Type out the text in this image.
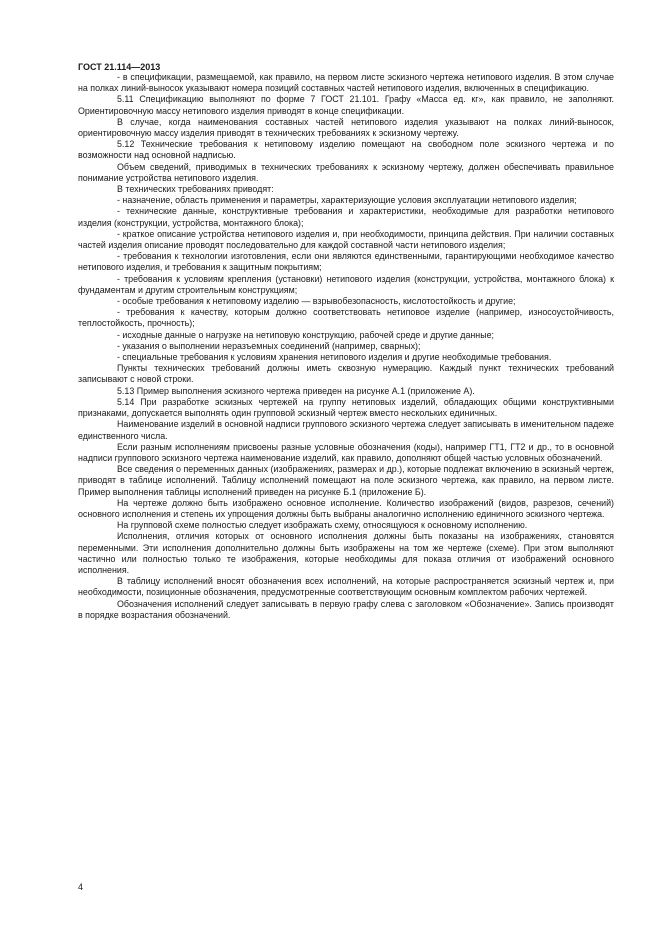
ГОСТ 21.114—2013

- в спецификации, размещаемой, как правило, на первом листе эскизного чертежа нетипового изделия. В этом случае на полках линий-выносок указывают номера позиций составных частей нетипового изделия, включенных в спецификацию.

5.11 Спецификацию выполняют по форме 7 ГОСТ 21.101. Графу «Масса ед. кг», как правило, не заполняют. Ориентировочную массу нетипового изделия приводят в конце спецификации.

В случае, когда наименования составных частей нетипового изделия указывают на полках линий-выносок, ориентировочную массу изделия приводят в технических требованиях к эскизному чертежу.

5.12 Технические требования к нетиповому изделию помещают на свободном поле эскизного чертежа и по возможности над основной надписью.

Объем сведений, приводимых в технических требованиях к эскизному чертежу, должен обеспечивать правильное понимание устройства нетипового изделия.

В технических требованиях приводят:

- назначение, область применения и параметры, характеризующие условия эксплуатации нетипового изделия;

- технические данные, конструктивные требования и характеристики, необходимые для разработки нетипового изделия (конструкции, устройства, монтажного блока);

- краткое описание устройства нетипового изделия и, при необходимости, принципа действия. При наличии составных частей изделия описание проводят последовательно для каждой составной части нетипового изделия;

- требования к технологии изготовления, если они являются единственными, гарантирующими необходимое качество нетипового изделия, и требования к защитным покрытиям;

- требования к условиям крепления (установки) нетипового изделия (конструкции, устройства, монтажного блока) к фундаментам и другим строительным конструкциям;

- особые требования к нетиповому изделию — взрывобезопасность, кислотостойкость и другие;

- требования к качеству, которым должно соответствовать нетиповое изделие (например, износоустойчивость, теплостойкость, прочность);

- исходные данные о нагрузке на нетиповую конструкцию, рабочей среде и другие данные;

- указания о выполнении неразъемных соединений (например, сварных);

- специальные требования к условиям хранения нетипового изделия и другие необходимые требования.

Пункты технических требований должны иметь сквозную нумерацию. Каждый пункт технических требований записывают с новой строки.

5.13 Пример выполнения эскизного чертежа приведен на рисунке А.1 (приложение А).

5.14 При разработке эскизных чертежей на группу нетиповых изделий, обладающих общими конструктивными признаками, допускается выполнять один групповой эскизный чертеж вместо нескольких единичных.

Наименование изделий в основной надписи группового эскизного чертежа следует записывать в именительном падеже единственного числа.

Если разным исполнениям присвоены разные условные обозначения (коды), например ГТ1, ГТ2 и др., то в основной надписи группового эскизного чертежа наименование изделий, как правило, дополняют общей частью условных обозначений.

Все сведения о переменных данных (изображениях, размерах и др.), которые подлежат включению в эскизный чертеж, приводят в таблице исполнений. Таблицу исполнений помещают на поле эскизного чертежа, как правило, на первом листе. Пример выполнения таблицы исполнений приведен на рисунке Б.1 (приложение Б).

На чертеже должно быть изображено основное исполнение. Количество изображений (видов, разрезов, сечений) основного исполнения и степень их упрощения должны быть выбраны аналогично исполнению единичного эскизного чертежа.

На групповой схеме полностью следует изображать схему, относящуюся к основному исполнению.

Исполнения, отличия которых от основного исполнения должны быть показаны на изображениях, становятся переменными. Эти исполнения дополнительно должны быть изображены на том же чертеже (схеме). При этом выполняют частично или полностью только те изображения, которые необходимы для показа отличия от изображений основного исполнения.

В таблицу исполнений вносят обозначения всех исполнений, на которые распространяется эскизный чертеж и, при необходимости, позиционные обозначения, предусмотренные соответствующим основным комплектом рабочих чертежей.

Обозначения исполнений следует записывать в первую графу слева с заголовком «Обозначение». Запись производят в порядке возрастания обозначений.

4
